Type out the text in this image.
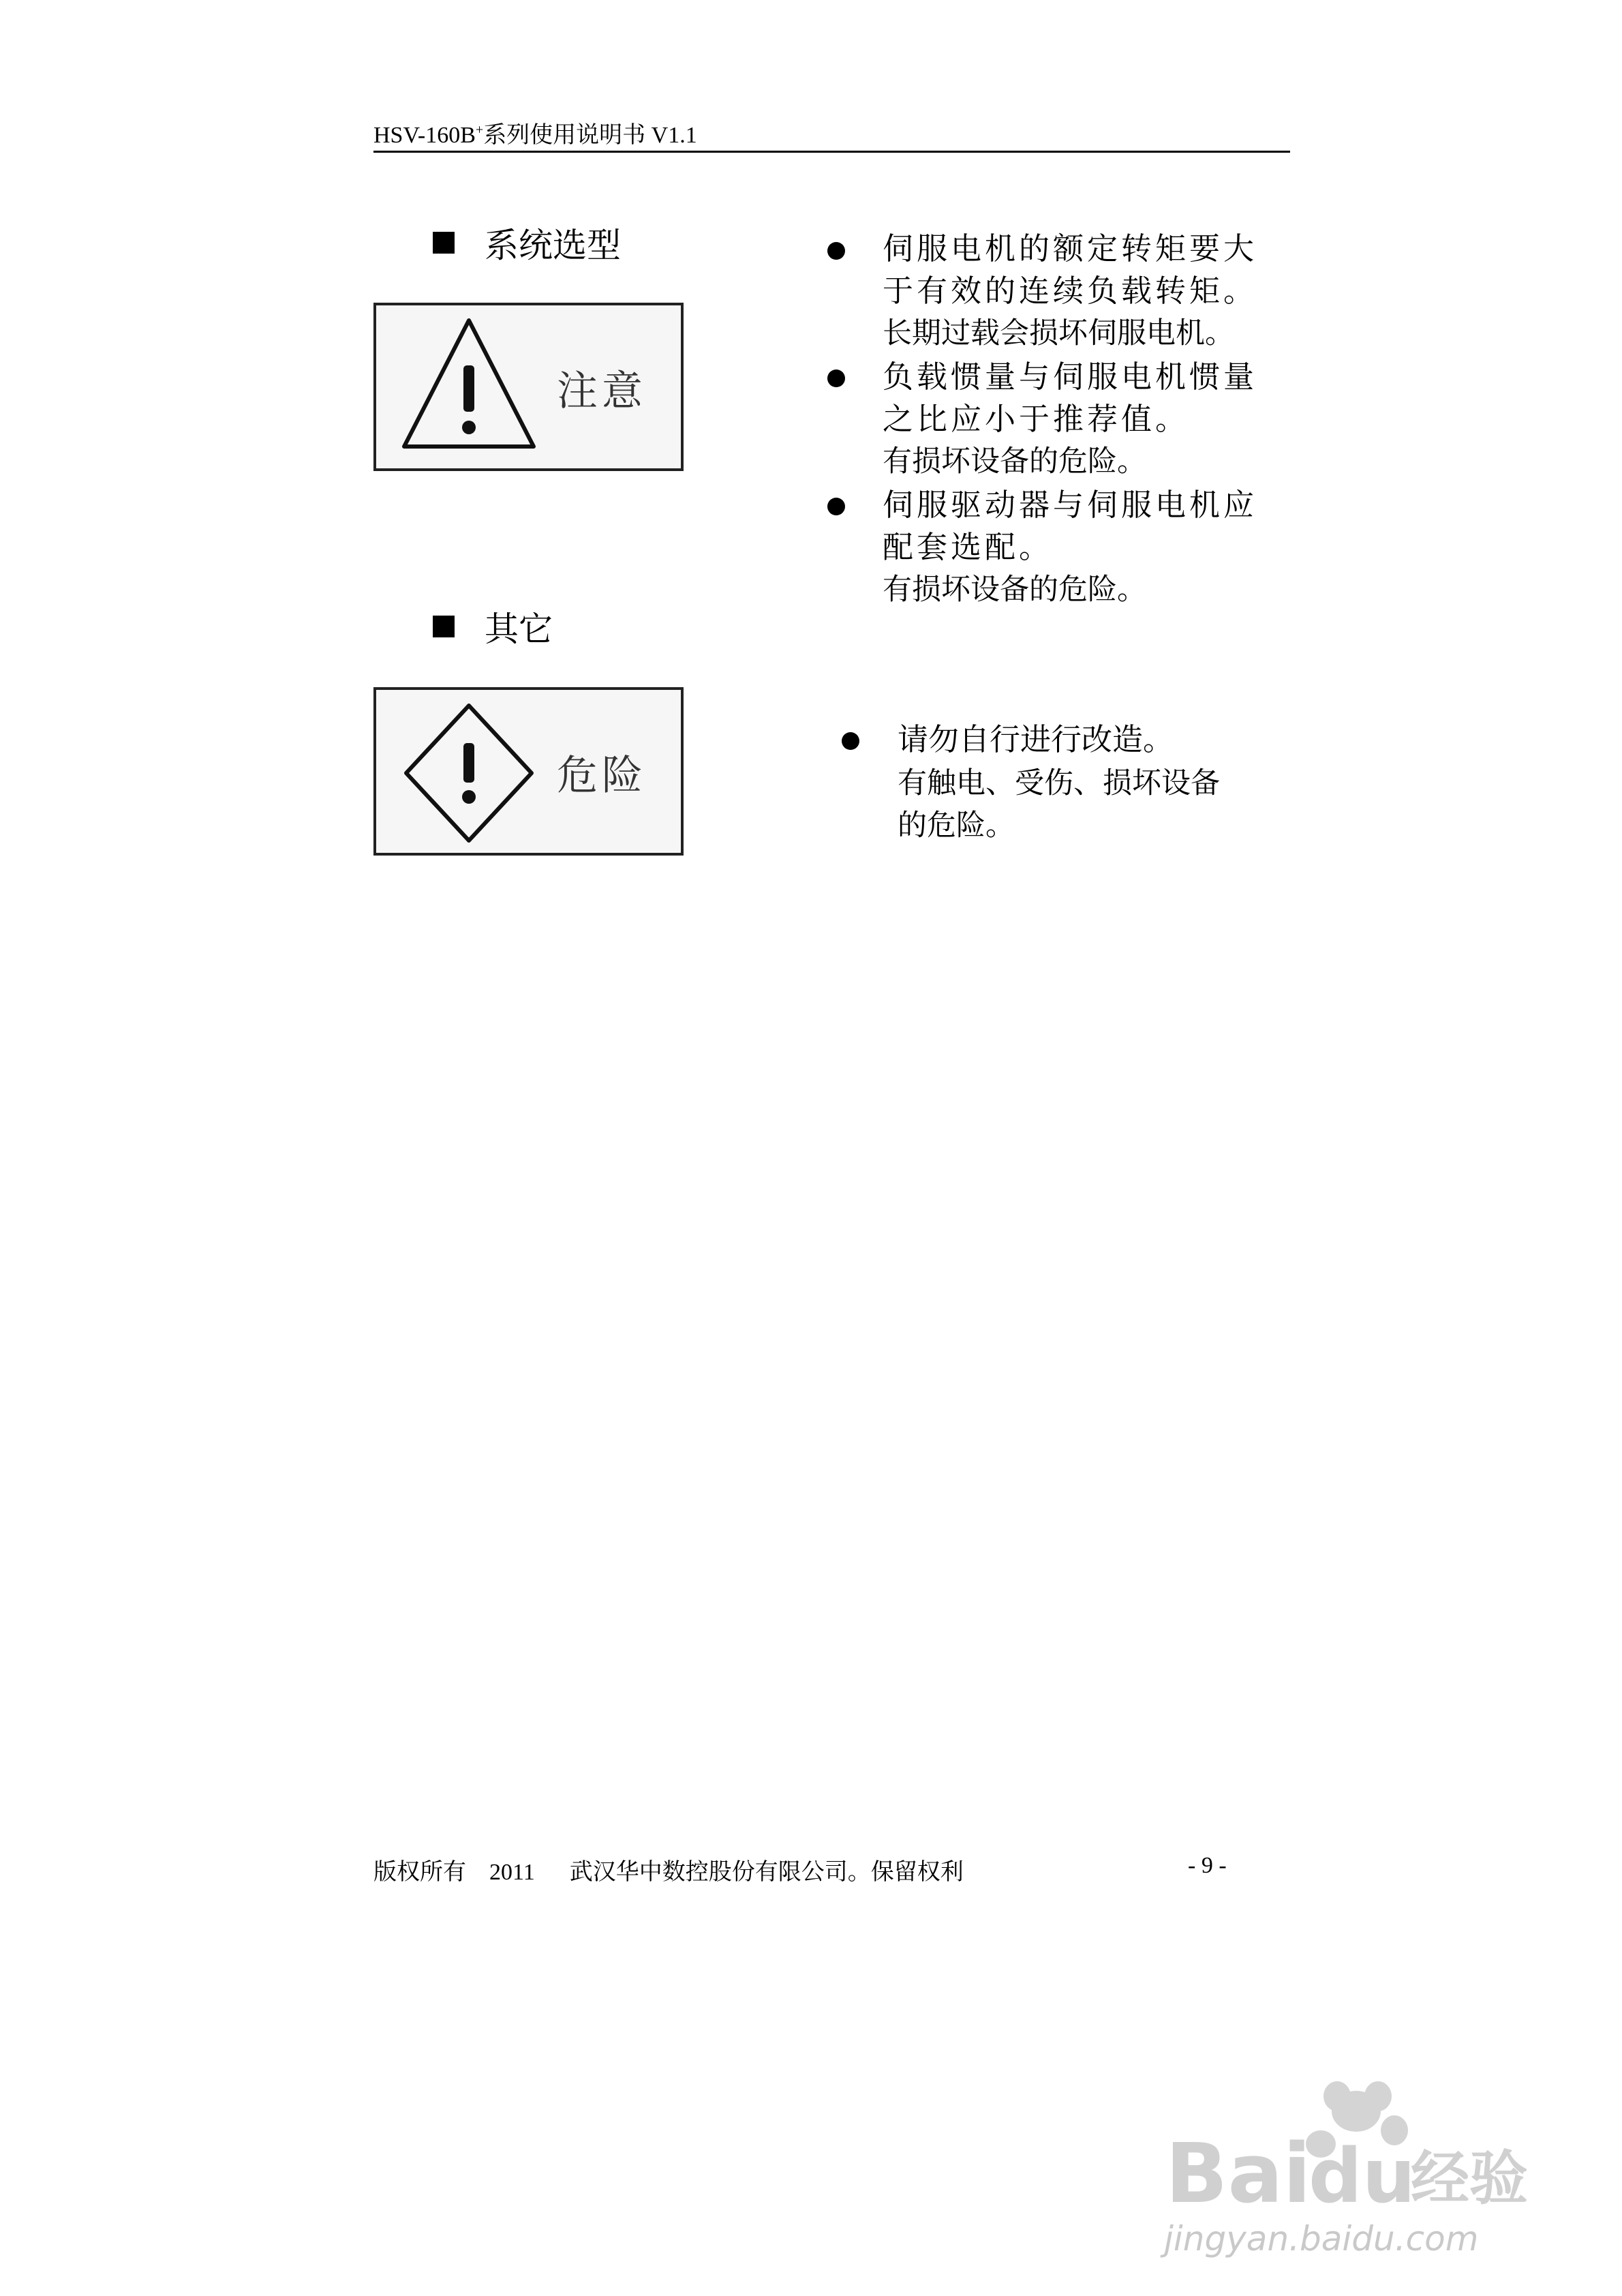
HSV-160B+系列使用说明书 V1.1
系统选型
注意
伺服电机的额定转矩要大
于有效的连续负载转矩。
长期过载会损坏伺服电机。
负载惯量与伺服电机惯量
之比应小于推荐值。
有损坏设备的危险。
伺服驱动器与伺服电机应
配套选配。
有损坏设备的危险。
其它
危险
请勿自行进行改造。
有触电、受伤、损坏设备
的危险。
版权所有    2011      武汉华中数控股份有限公司。保留权利	- 9 -
Bai
du
经验
jingyan.baidu.com
